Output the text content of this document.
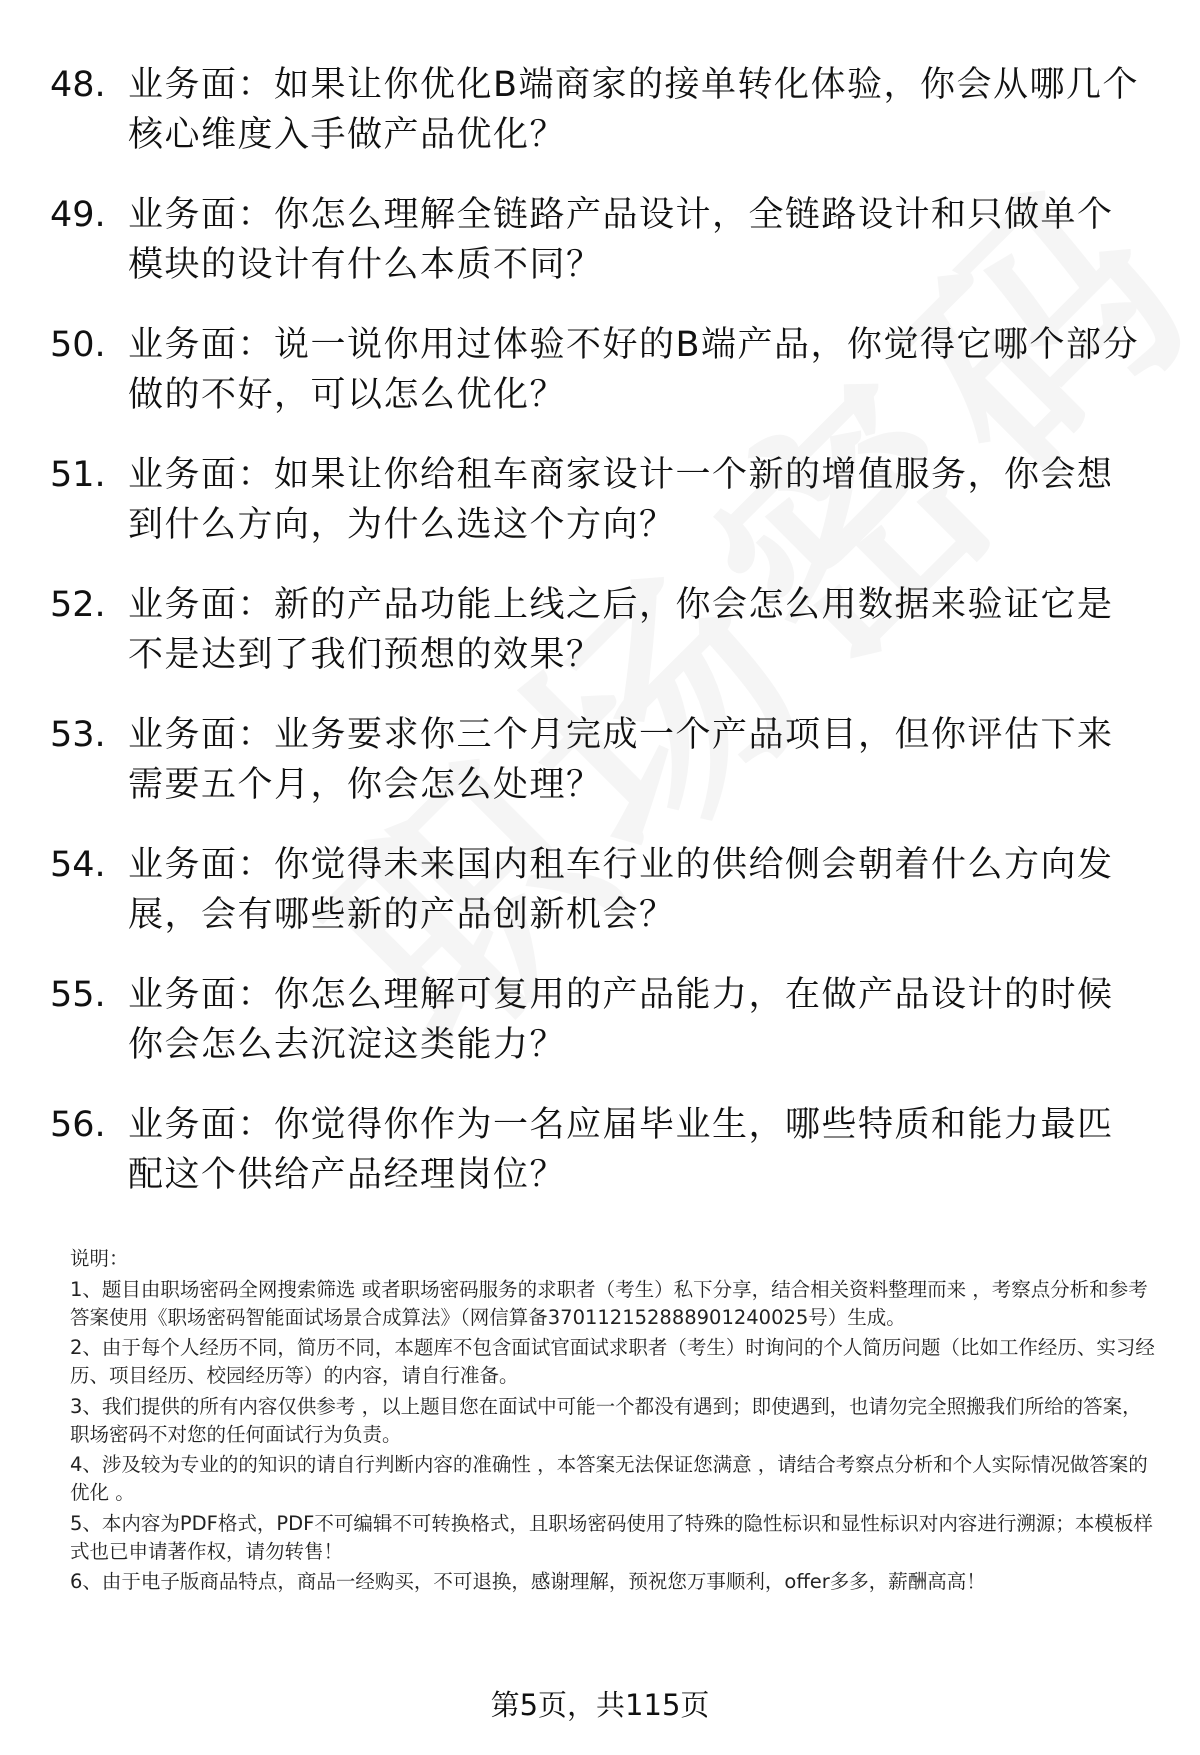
48. 业务面：如果让你优化B端商家的接单转化体验，你会从哪几个核心维度入手做产品优化？
49. 业务面：你怎么理解全链路产品设计，全链路设计和只做单个模块的设计有什么本质不同？
50. 业务面：说一说你用过体验不好的B端产品，你觉得它哪个部分做的不好，可以怎么优化？
51. 业务面：如果让你给租车商家设计一个新的增值服务，你会想到什么方向，为什么选这个方向？
52. 业务面：新的产品功能上线之后，你会怎么用数据来验证它是不是达到了我们预想的效果？
53. 业务面：业务要求你三个月完成一个产品项目，但你评估下来需要五个月，你会怎么处理？
54. 业务面：你觉得未来国内租车行业的供给侧会朝着什么方向发展，会有哪些新的产品创新机会？
55. 业务面：你怎么理解可复用的产品能力，在做产品设计的时候你会怎么去沉淀这类能力？
56. 业务面：你觉得你作为一名应届毕业生，哪些特质和能力最匹配这个供给产品经理岗位？

说明：

1、题目由职场密码全网搜索筛选 或者职场密码服务的求职者（考生）私下分享，结合相关资料整理而来 ，考察点分析和参考答案使用《职场密码智能面试场景合成算法》（网信算备370112152888901240025号）生成。

2、由于每个人经历不同，简历不同，本题库不包含面试官面试求职者（考生）时询问的个人简历问题（比如工作经历、实习经历、项目经历、校园经历等）的内容，请自行准备。

3、我们提供的所有内容仅供参考 ，以上题目您在面试中可能一个都没有遇到；即使遇到，也请勿完全照搬我们所给的答案，职场密码不对您的任何面试行为负责。

4、涉及较为专业的的知识的请自行判断内容的准确性 ，本答案无法保证您满意 ，请结合考察点分析和个人实际情况做答案的优化 。

5、本内容为PDF格式，PDF不可编辑不可转换格式，且职场密码使用了特殊的隐性标识和显性标识对内容进行溯源；本模板样式也已申请著作权，请勿转售！

6、由于电子版商品特点，商品一经购买，不可退换，感谢理解，预祝您万事顺利，offer多多，薪酬高高！

第5页，共115页
